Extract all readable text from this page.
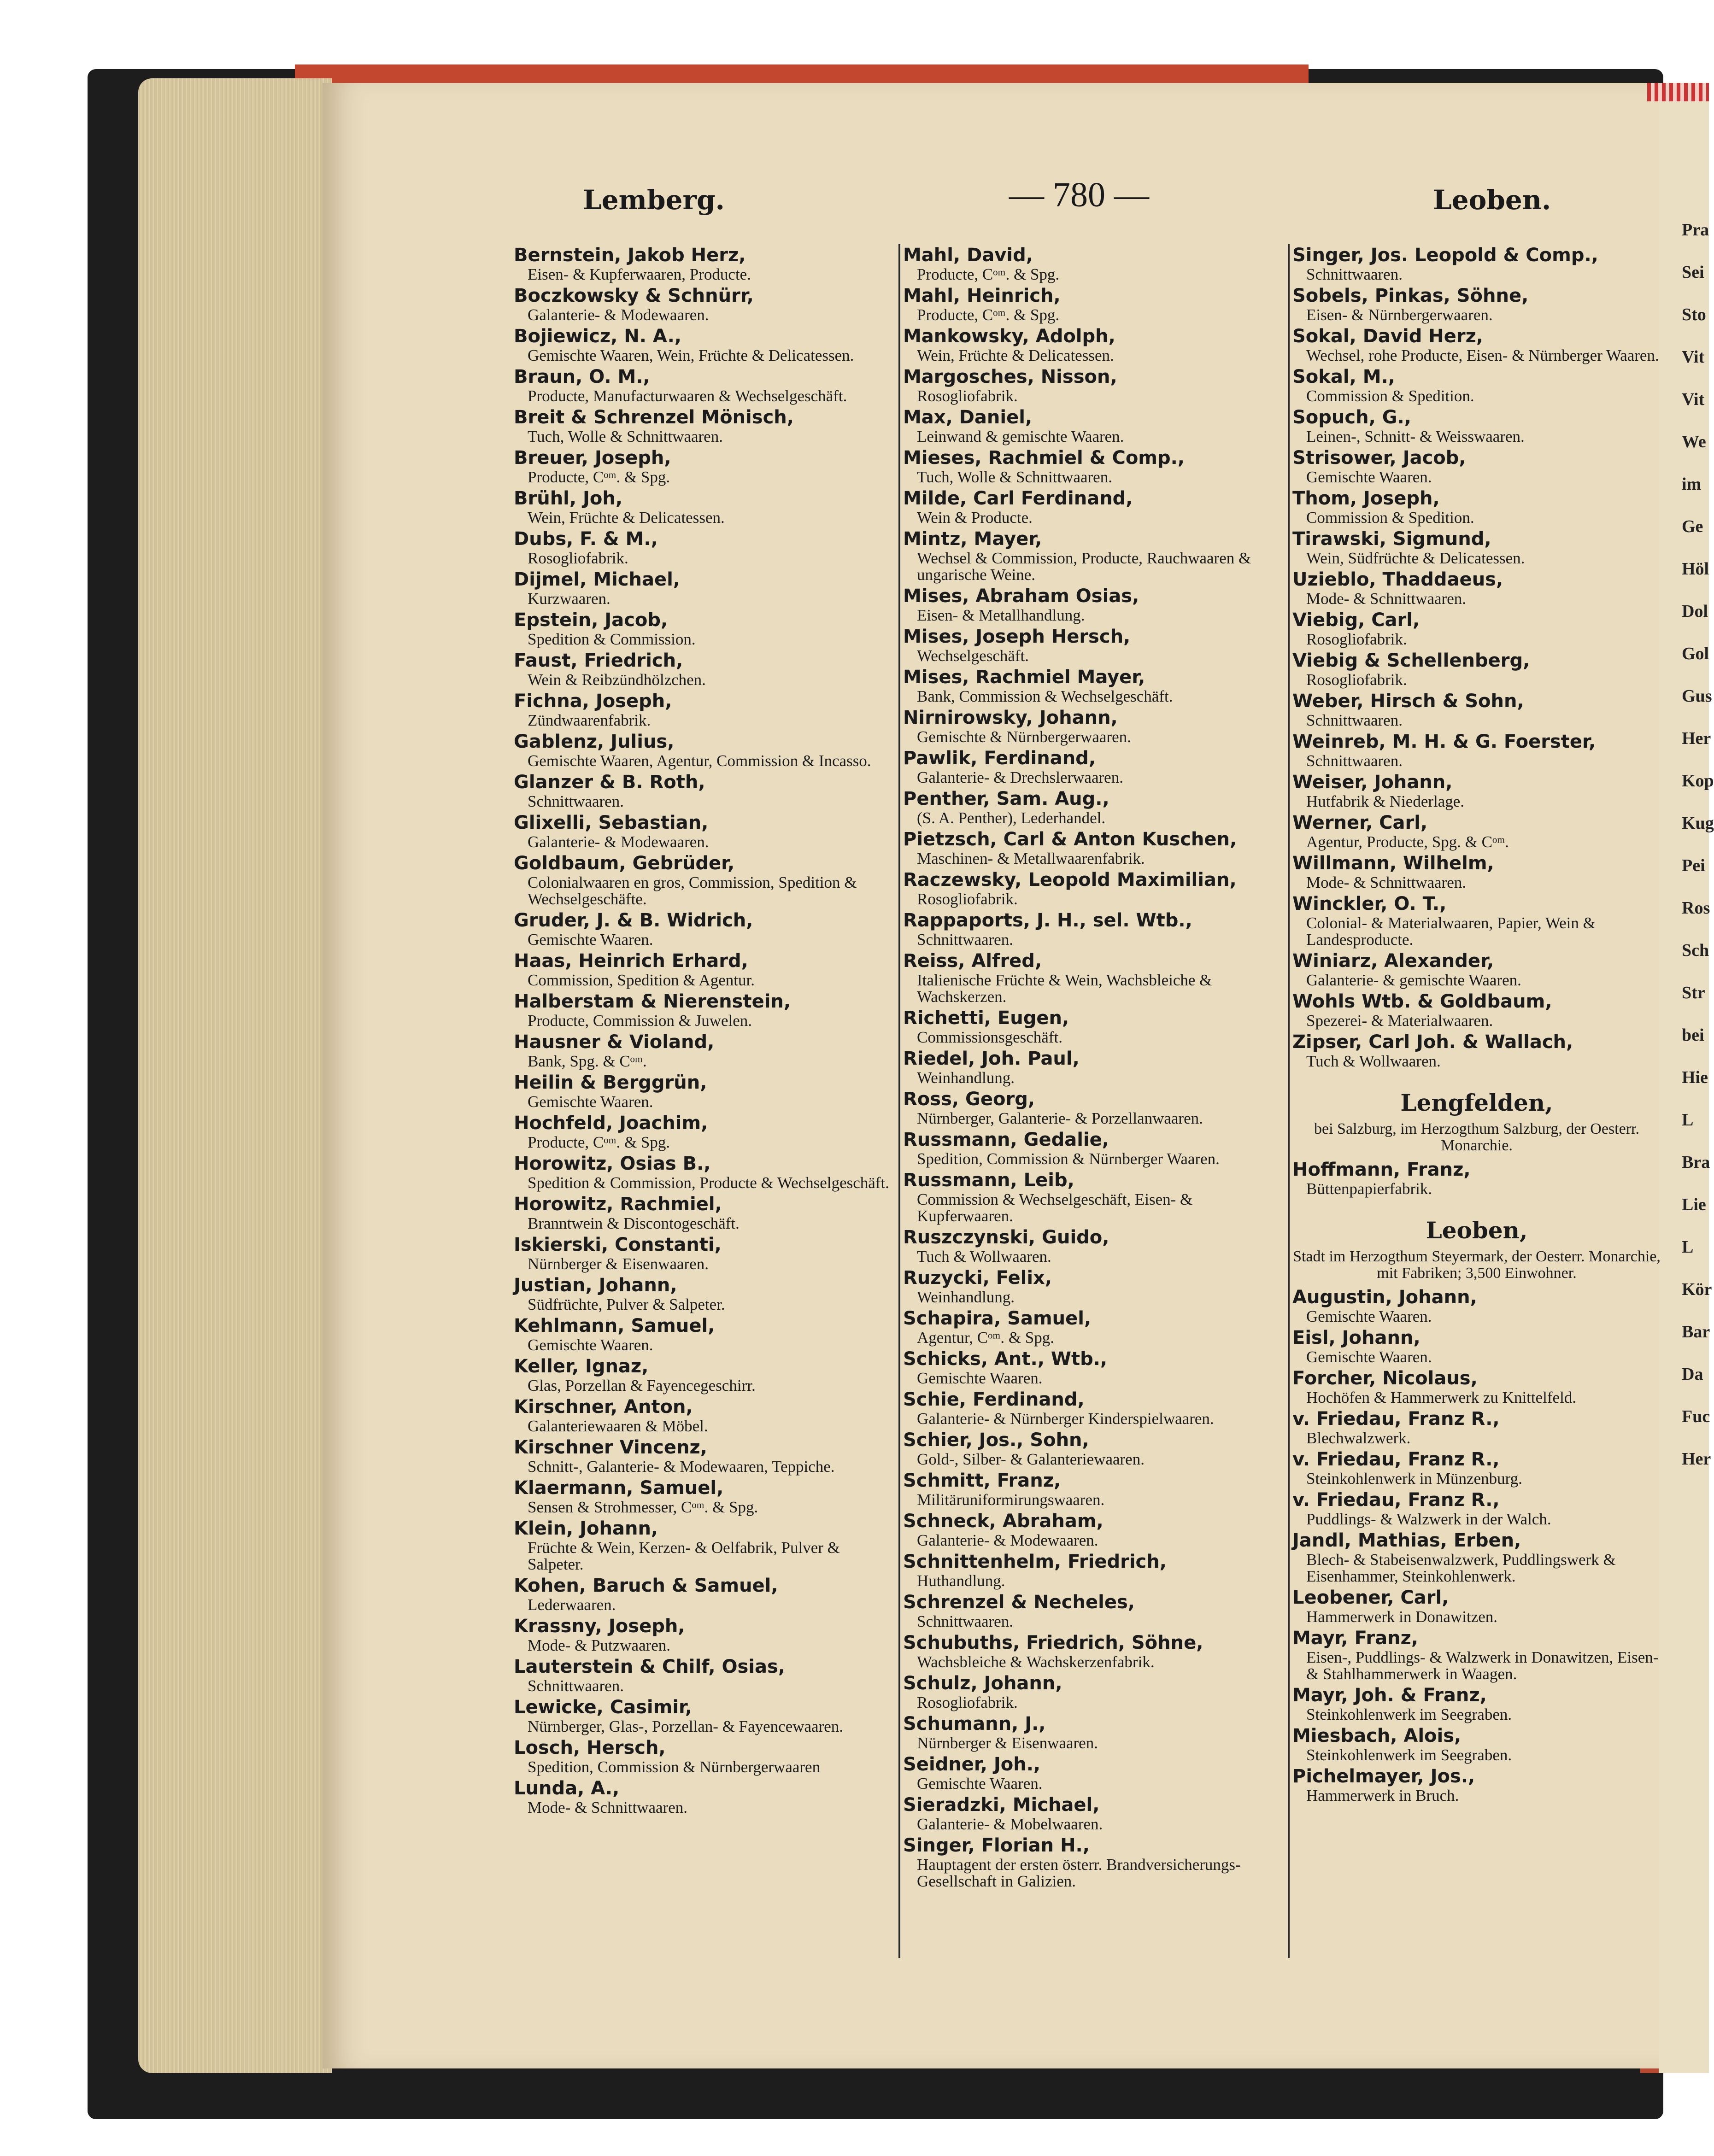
Pra
Sei
Sto
Vit
Vit
We
im
Ge
Höl
Dol
Gol
Gus
Her
Kop
Kug
Pei
Ros
Sch
Str
bei
Hie
L
Bra
Lie
L
Kör
Bar
Da
Fuc
Her
Lemberg.	— 780 —	Leoben.
Bernstein, Jakob Herz,
Eisen- & Kupferwaaren, Producte.
Boczkowsky & Schnürr,
Galanterie- & Modewaaren.
Bojiewicz, N. A.,
Gemischte Waaren, Wein, Früchte & Delicatessen.
Braun, O. M.,
Producte, Manufacturwaaren & Wechselgeschäft.
Breit & Schrenzel Mönisch,
Tuch, Wolle & Schnittwaaren.
Breuer, Joseph,
Producte, Cᵒᵐ. & Spg.
Brühl, Joh,
Wein, Früchte & Delicatessen.
Dubs, F. & M.,
Rosogliofabrik.
Dijmel, Michael,
Kurzwaaren.
Epstein, Jacob,
Spedition & Commission.
Faust, Friedrich,
Wein & Reibzündhölzchen.
Fichna, Joseph,
Zündwaarenfabrik.
Gablenz, Julius,
Gemischte Waaren, Agentur, Commission & Incasso.
Glanzer & B. Roth,
Schnittwaaren.
Glixelli, Sebastian,
Galanterie- & Modewaaren.
Goldbaum, Gebrüder,
Colonialwaaren en gros, Commission, Spedition & Wechselgeschäfte.
Gruder, J. & B. Widrich,
Gemischte Waaren.
Haas, Heinrich Erhard,
Commission, Spedition & Agentur.
Halberstam & Nierenstein,
Producte, Commission & Juwelen.
Hausner & Violand,
Bank, Spg. & Cᵒᵐ.
Heilin & Berggrün,
Gemischte Waaren.
Hochfeld, Joachim,
Producte, Cᵒᵐ. & Spg.
Horowitz, Osias B.,
Spedition & Commission, Producte & Wechselgeschäft.
Horowitz, Rachmiel,
Branntwein & Discontogeschäft.
Iskierski, Constanti,
Nürnberger & Eisenwaaren.
Justian, Johann,
Südfrüchte, Pulver & Salpeter.
Kehlmann, Samuel,
Gemischte Waaren.
Keller, Ignaz,
Glas, Porzellan & Fayencegeschirr.
Kirschner, Anton,
Galanteriewaaren & Möbel.
Kirschner Vincenz,
Schnitt-, Galanterie- & Modewaaren, Teppiche.
Klaermann, Samuel,
Sensen & Strohmesser, Cᵒᵐ. & Spg.
Klein, Johann,
Früchte & Wein, Kerzen- & Oelfabrik, Pulver & Salpeter.
Kohen, Baruch & Samuel,
Lederwaaren.
Krassny, Joseph,
Mode- & Putzwaaren.
Lauterstein & Chilf, Osias,
Schnittwaaren.
Lewicke, Casimir,
Nürnberger, Glas-, Porzellan- & Fayencewaaren.
Losch, Hersch,
Spedition, Commission & Nürnbergerwaaren
Lunda, A.,
Mode- & Schnittwaaren.
Mahl, David,
Producte, Cᵒᵐ. & Spg.
Mahl, Heinrich,
Producte, Cᵒᵐ. & Spg.
Mankowsky, Adolph,
Wein, Früchte & Delicatessen.
Margosches, Nisson,
Rosogliofabrik.
Max, Daniel,
Leinwand & gemischte Waaren.
Mieses, Rachmiel & Comp.,
Tuch, Wolle & Schnittwaaren.
Milde, Carl Ferdinand,
Wein & Producte.
Mintz, Mayer,
Wechsel & Commission, Producte, Rauchwaaren & ungarische Weine.
Mises, Abraham Osias,
Eisen- & Metallhandlung.
Mises, Joseph Hersch,
Wechselgeschäft.
Mises, Rachmiel Mayer,
Bank, Commission & Wechselgeschäft.
Nirnirowsky, Johann,
Gemischte & Nürnbergerwaaren.
Pawlik, Ferdinand,
Galanterie- & Drechslerwaaren.
Penther, Sam. Aug.,
(S. A. Penther), Lederhandel.
Pietzsch, Carl & Anton Kuschen,
Maschinen- & Metallwaarenfabrik.
Raczewsky, Leopold Maximilian,
Rosogliofabrik.
Rappaports, J. H., sel. Wtb.,
Schnittwaaren.
Reiss, Alfred,
Italienische Früchte & Wein, Wachsbleiche & Wachskerzen.
Richetti, Eugen,
Commissionsgeschäft.
Riedel, Joh. Paul,
Weinhandlung.
Ross, Georg,
Nürnberger, Galanterie- & Porzellanwaaren.
Russmann, Gedalie,
Spedition, Commission & Nürnberger Waaren.
Russmann, Leib,
Commission & Wechselgeschäft, Eisen- & Kupferwaaren.
Ruszczynski, Guido,
Tuch & Wollwaaren.
Ruzycki, Felix,
Weinhandlung.
Schapira, Samuel,
Agentur, Cᵒᵐ. & Spg.
Schicks, Ant., Wtb.,
Gemischte Waaren.
Schie, Ferdinand,
Galanterie- & Nürnberger Kinderspielwaaren.
Schier, Jos., Sohn,
Gold-, Silber- & Galanteriewaaren.
Schmitt, Franz,
Militäruniformirungswaaren.
Schneck, Abraham,
Galanterie- & Modewaaren.
Schnittenhelm, Friedrich,
Huthandlung.
Schrenzel & Necheles,
Schnittwaaren.
Schubuths, Friedrich, Söhne,
Wachsbleiche & Wachskerzenfabrik.
Schulz, Johann,
Rosogliofabrik.
Schumann, J.,
Nürnberger & Eisenwaaren.
Seidner, Joh.,
Gemischte Waaren.
Sieradzki, Michael,
Galanterie- & Mobelwaaren.
Singer, Florian H.,
Hauptagent der ersten österr. Brandversicherungs-Gesellschaft in Galizien.
Singer, Jos. Leopold & Comp.,
Schnittwaaren.
Sobels, Pinkas, Söhne,
Eisen- & Nürnbergerwaaren.
Sokal, David Herz,
Wechsel, rohe Producte, Eisen- & Nürnberger Waaren.
Sokal, M.,
Commission & Spedition.
Sopuch, G.,
Leinen-, Schnitt- & Weisswaaren.
Strisower, Jacob,
Gemischte Waaren.
Thom, Joseph,
Commission & Spedition.
Tirawski, Sigmund,
Wein, Südfrüchte & Delicatessen.
Uzieblo, Thaddaeus,
Mode- & Schnittwaaren.
Viebig, Carl,
Rosogliofabrik.
Viebig & Schellenberg,
Rosogliofabrik.
Weber, Hirsch & Sohn,
Schnittwaaren.
Weinreb, M. H. & G. Foerster,
Schnittwaaren.
Weiser, Johann,
Hutfabrik & Niederlage.
Werner, Carl,
Agentur, Producte, Spg. & Cᵒᵐ.
Willmann, Wilhelm,
Mode- & Schnittwaaren.
Winckler, O. T.,
Colonial- & Materialwaaren, Papier, Wein & Landesproducte.
Winiarz, Alexander,
Galanterie- & gemischte Waaren.
Wohls Wtb. & Goldbaum,
Spezerei- & Materialwaaren.
Zipser, Carl Joh. & Wallach,
Tuch & Wollwaaren.
Lengfelden,
bei Salzburg, im Herzogthum Salzburg, der Oesterr. Monarchie.
Hoffmann, Franz,
Büttenpapierfabrik.
Leoben,
Stadt im Herzogthum Steyermark, der Oesterr. Monarchie, mit Fabriken; 3,500 Einwohner.
Augustin, Johann,
Gemischte Waaren.
Eisl, Johann,
Gemischte Waaren.
Forcher, Nicolaus,
Hochöfen & Hammerwerk zu Knittelfeld.
v. Friedau, Franz R.,
Blechwalzwerk.
v. Friedau, Franz R.,
Steinkohlenwerk in Münzenburg.
v. Friedau, Franz R.,
Puddlings- & Walzwerk in der Walch.
Jandl, Mathias, Erben,
Blech- & Stabeisenwalzwerk, Puddlingswerk & Eisenhammer, Steinkohlenwerk.
Leobener, Carl,
Hammerwerk in Donawitzen.
Mayr, Franz,
Eisen-, Puddlings- & Walzwerk in Donawitzen, Eisen- & Stahlhammerwerk in Waagen.
Mayr, Joh. & Franz,
Steinkohlenwerk im Seegraben.
Miesbach, Alois,
Steinkohlenwerk im Seegraben.
Pichelmayer, Jos.,
Hammerwerk in Bruch.
